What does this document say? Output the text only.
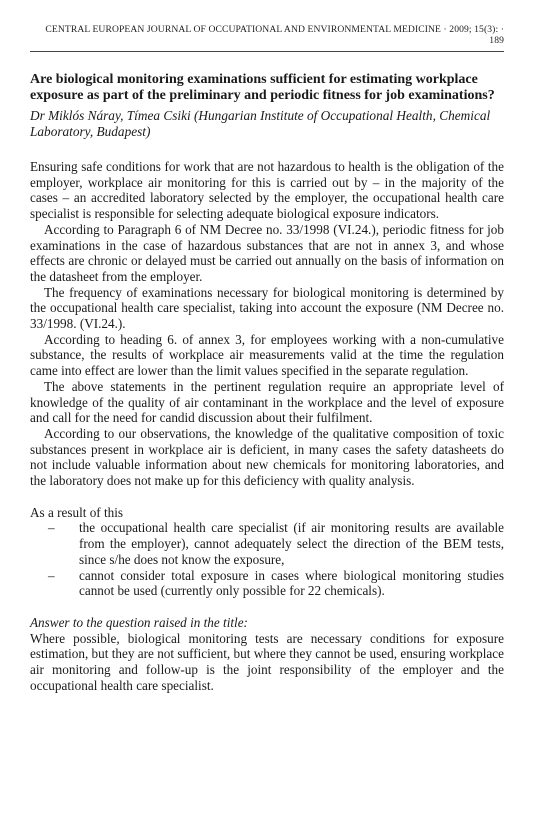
CENTRAL EUROPEAN JOURNAL OF OCCUPATIONAL AND ENVIRONMENTAL MEDICINE · 2009; 15(3): · 189
Are biological monitoring examinations sufficient for estimating workplace exposure as part of the preliminary and periodic fitness for job examinations?
Dr Miklós Náray, Tímea Csiki (Hungarian Institute of Occupational Health, Chemical Laboratory, Budapest)

Ensuring safe conditions for work that are not hazardous to health is the obligation of the employer, workplace air monitoring for this is carried out by – in the majority of the cases – an accredited laboratory selected by the employer, the occupational health care specialist is responsible for selecting adequate biological exposure indicators.

According to Paragraph 6 of NM Decree no. 33/1998 (VI.24.), periodic fitness for job examinations in the case of hazardous substances that are not in annex 3, and whose effects are chronic or delayed must be carried out annually on the basis of information on the datasheet from the employer.

The frequency of examinations necessary for biological monitoring is determined by the occupational health care specialist, taking into account the exposure (NM Decree no. 33/1998. (VI.24.).

According to heading 6. of annex 3, for employees working with a non-cumulative substance, the results of workplace air measurements valid at the time the regulation came into effect are lower than the limit values specified in the separate regulation.

The above statements in the pertinent regulation require an appropriate level of knowledge of the quality of air contaminant in the workplace and the level of exposure and call for the need for candid discussion about their fulfilment.

According to our observations, the knowledge of the qualitative composition of toxic substances present in workplace air is deficient, in many cases the safety datasheets do not include valuable information about new chemicals for monitoring laboratories, and the laboratory does not make up for this deficiency with quality analysis.

As a result of this

– the occupational health care specialist (if air monitoring results are available from the employer), cannot adequately select the direction of the BEM tests, since s/he does not know the exposure,
– cannot consider total exposure in cases where biological monitoring studies cannot be used (currently only possible for 22 chemicals).

Answer to the question raised in the title:

Where possible, biological monitoring tests are necessary conditions for exposure estimation, but they are not sufficient, but where they cannot be used, ensuring workplace air monitoring and follow-up is the joint responsibility of the employer and the occupational health care specialist.
